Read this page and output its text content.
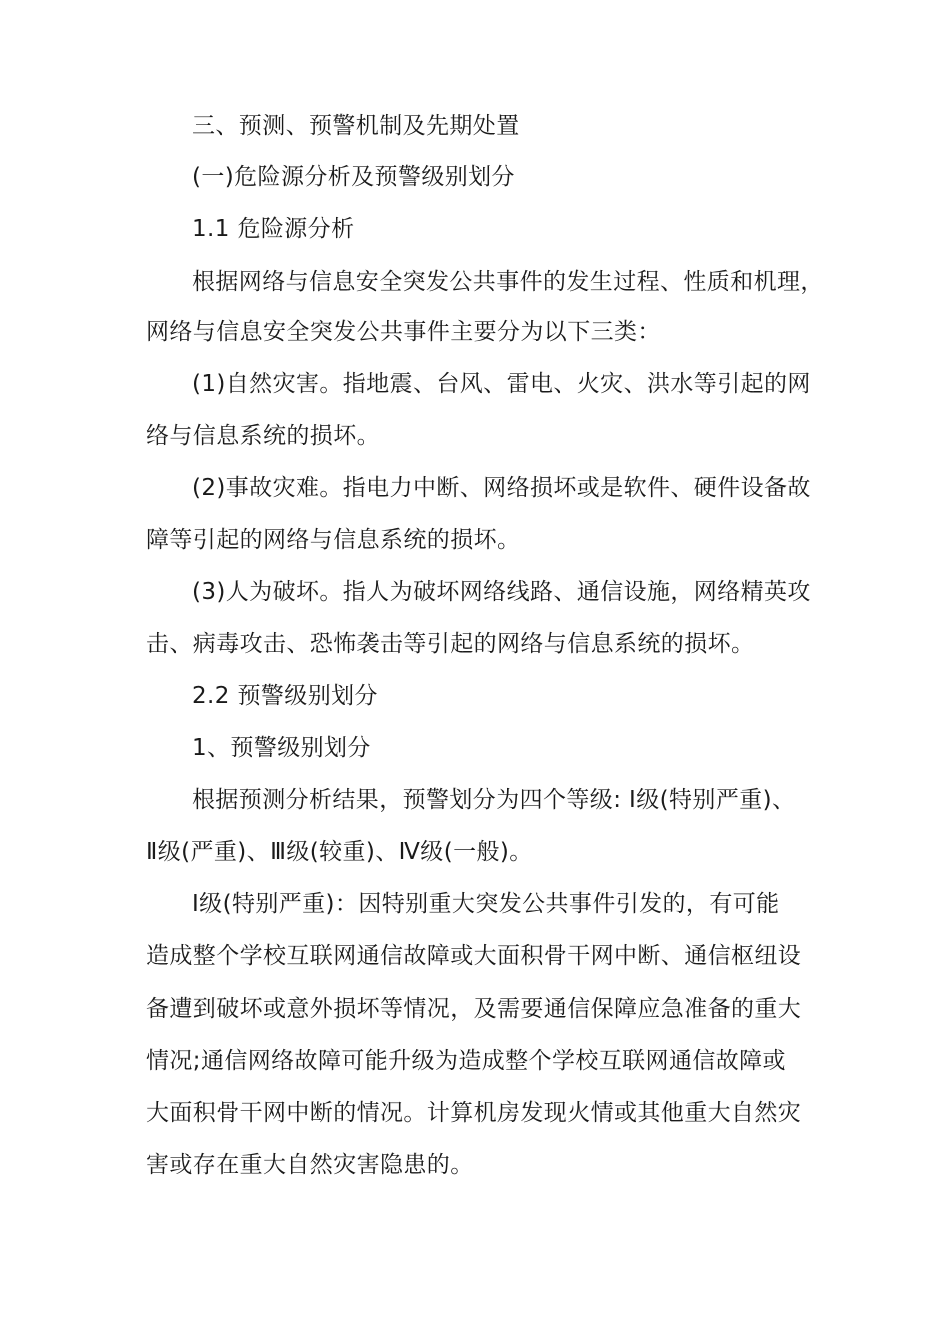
三、预测、预警机制及先期处置
(一)危险源分析及预警级别划分
1.1 危险源分析
根据网络与信息安全突发公共事件的发生过程、性质和机理，
网络与信息安全突发公共事件主要分为以下三类：
(1)自然灾害。指地震、台风、雷电、火灾、洪水等引起的网
络与信息系统的损坏。
(2)事故灾难。指电力中断、网络损坏或是软件、硬件设备故
障等引起的网络与信息系统的损坏。
(3)人为破坏。指人为破坏网络线路、通信设施，网络精英攻
击、病毒攻击、恐怖袭击等引起的网络与信息系统的损坏。
2.2 预警级别划分
1、预警级别划分
根据预测分析结果，预警划分为四个等级: Ⅰ级(特别严重)、
Ⅱ级(严重)、Ⅲ级(较重)、Ⅳ级(一般)。
Ⅰ级(特别严重)：因特别重大突发公共事件引发的，有可能
造成整个学校互联网通信故障或大面积骨干网中断、通信枢纽设
备遭到破坏或意外损坏等情况，及需要通信保障应急准备的重大
情况;通信网络故障可能升级为造成整个学校互联网通信故障或
大面积骨干网中断的情况。计算机房发现火情或其他重大自然灾
害或存在重大自然灾害隐患的。
